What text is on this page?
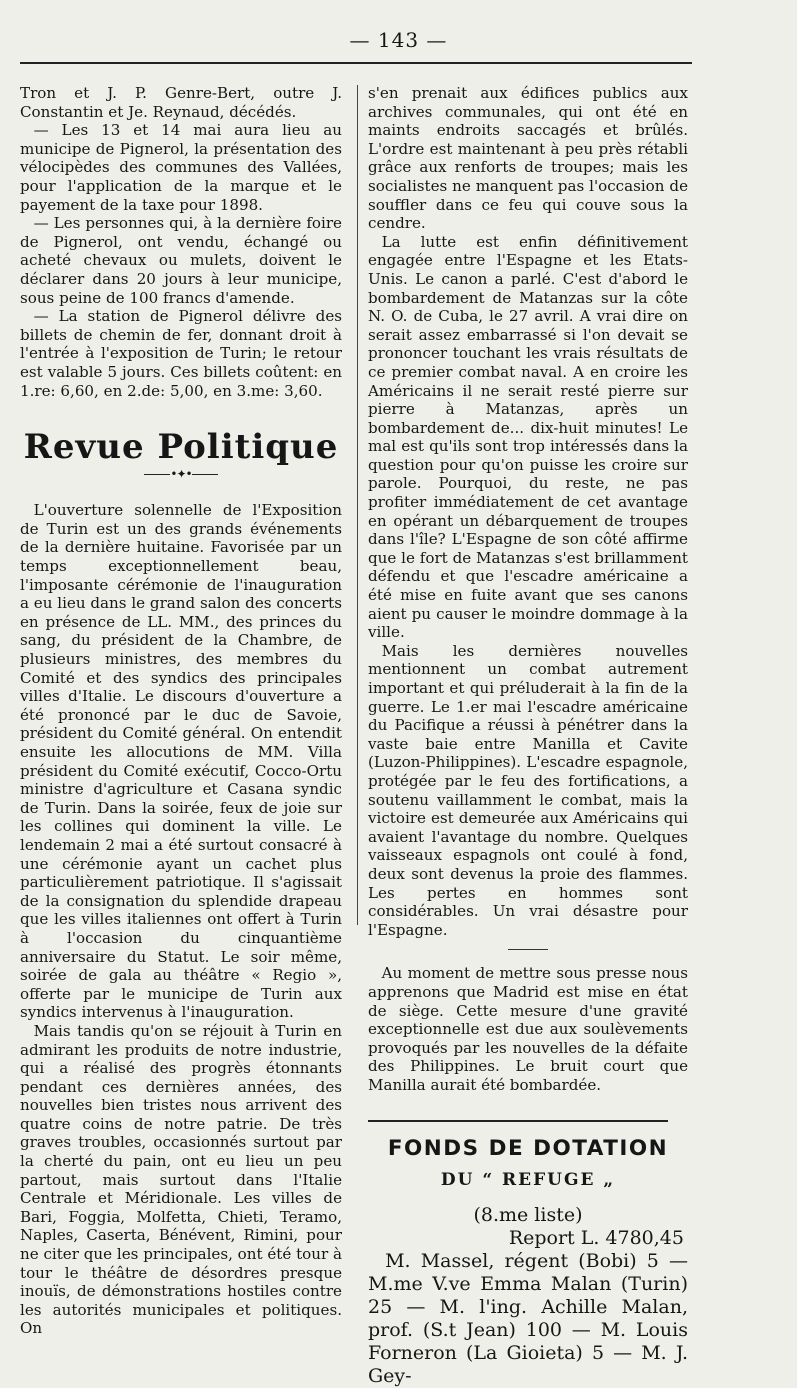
— 143 —

Tron et J. P. Genre-Bert, outre J. Constantin et Je. Reynaud, décédés.

— Les 13 et 14 mai aura lieu au municipe de Pignerol, la présentation des vélocipèdes des communes des Vallées, pour l'application de la marque et le payement de la taxe pour 1898.

— Les personnes qui, à la dernière foire de Pignerol, ont vendu, échangé ou acheté chevaux ou mulets, doivent le déclarer dans 20 jours à leur municipe, sous peine de 100 francs d'amende.

— La station de Pignerol délivre des billets de chemin de fer, donnant droit à l'entrée à l'exposition de Turin; le retour est valable 5 jours. Ces billets coûtent: en 1.re: 6,60, en 2.de: 5,00, en 3.me: 3,60.

Revue Politique
•✦•

L'ouverture solennelle de l'Exposition de Turin est un des grands événements de la dernière huitaine. Favorisée par un temps exceptionnellement beau, l'imposante cérémonie de l'inauguration a eu lieu dans le grand salon des concerts en présence de LL. MM., des princes du sang, du président de la Chambre, de plusieurs ministres, des membres du Comité et des syndics des principales villes d'Italie. Le discours d'ouverture a été prononcé par le duc de Savoie, président du Comité général. On entendit ensuite les allocutions de MM. Villa président du Comité exécutif, Cocco-Ortu ministre d'agriculture et Casana syndic de Turin. Dans la soirée, feux de joie sur les collines qui dominent la ville. Le lendemain 2 mai a été surtout consacré à une cérémonie ayant un cachet plus particulièrement patriotique. Il s'agissait de la consignation du splendide drapeau que les villes italiennes ont offert à Turin à l'occasion du cinquantième anniversaire du Statut. Le soir même, soirée de gala au théâtre « Regio », offerte par le municipe de Turin aux syndics intervenus à l'inauguration.

Mais tandis qu'on se réjouit à Turin en admirant les produits de notre industrie, qui a réalisé des progrès étonnants pendant ces dernières années, des nouvelles bien tristes nous arrivent des quatre coins de notre patrie. De très graves troubles, occasionnés surtout par la cherté du pain, ont eu lieu un peu partout, mais surtout dans l'Italie Centrale et Méridionale. Les villes de Bari, Foggia, Molfetta, Chieti, Teramo, Naples, Caserta, Bénévent, Rimini, pour ne citer que les principales, ont été tour à tour le théâtre de désordres presque inouïs, de démonstrations hostiles contre les autorités municipales et politiques. On

s'en prenait aux édifices publics aux archives communales, qui ont été en maints endroits saccagés et brûlés. L'ordre est maintenant à peu près rétabli grâce aux renforts de troupes; mais les socialistes ne manquent pas l'occasion de souffler dans ce feu qui couve sous la cendre.

La lutte est enfin définitivement engagée entre l'Espagne et les Etats-Unis. Le canon a parlé. C'est d'abord le bombardement de Matanzas sur la côte N. O. de Cuba, le 27 avril. A vrai dire on serait assez embarrassé si l'on devait se prononcer touchant les vrais résultats de ce premier combat naval. A en croire les Américains il ne serait resté pierre sur pierre à Matanzas, après un bombardement de... dix-huit minutes! Le mal est qu'ils sont trop intéressés dans la question pour qu'on puisse les croire sur parole. Pourquoi, du reste, ne pas profiter immédiatement de cet avantage en opérant un débarquement de troupes dans l'île? L'Espagne de son côté affirme que le fort de Matanzas s'est brillamment défendu et que l'escadre américaine a été mise en fuite avant que ses canons aient pu causer le moindre dommage à la ville.

Mais les dernières nouvelles mentionnent un combat autrement important et qui préluderait à la fin de la guerre. Le 1.er mai l'escadre américaine du Pacifique a réussi à pénétrer dans la vaste baie entre Manilla et Cavite (Luzon-Philippines). L'escadre espagnole, protégée par le feu des fortifications, a soutenu vaillamment le combat, mais la victoire est demeurée aux Américains qui avaient l'avantage du nombre. Quelques vaisseaux espagnols ont coulé à fond, deux sont devenus la proie des flammes. Les pertes en hommes sont considérables. Un vrai désastre pour l'Espagne.

Au moment de mettre sous presse nous apprenons que Madrid est mise en état de siège. Cette mesure d'une gravité exceptionnelle est due aux soulèvements provoqués par les nouvelles de la défaite des Philippines. Le bruit court que Manilla aurait été bombardée.

FONDS DE DOTATION
DU “ REFUGE „
(8.me liste)
Report L. 4780,45

M. Massel, régent (Bobi) 5 — M.me V.ve Emma Malan (Turin) 25 — M. l'ing. Achille Malan, prof. (S.t Jean) 100 — M. Louis Forneron (La Gioieta) 5 — M. J. Gey-
